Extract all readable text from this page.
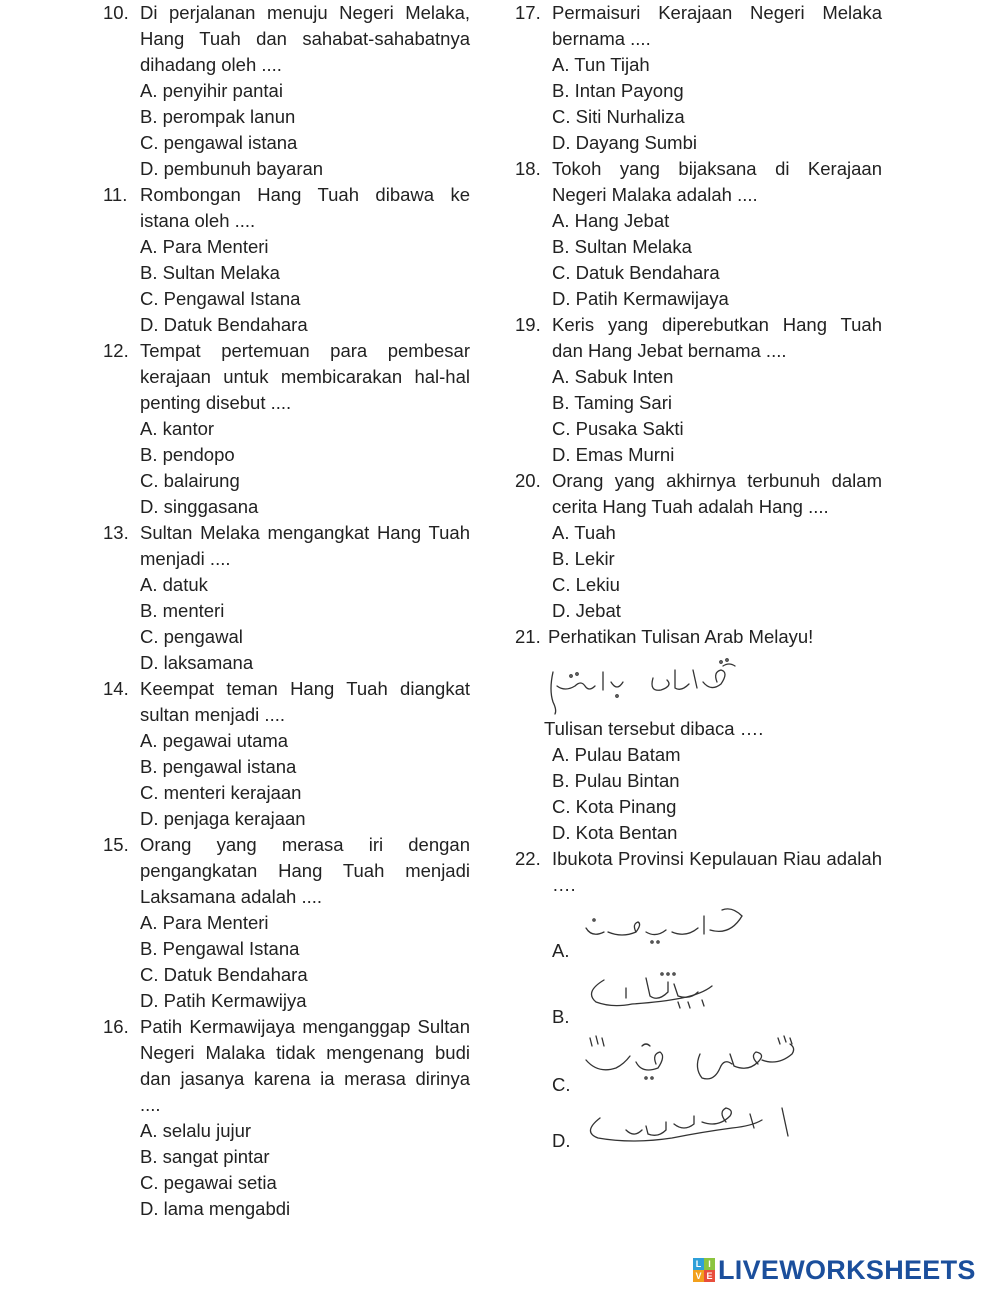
10. Di perjalanan menuju Negeri Melaka, Hang Tuah dan sahabat-sahabatnya dihadang oleh ....
A. penyihir pantai
B. perompak lanun
C. pengawal istana
D. pembunuh bayaran
11. Rombongan Hang Tuah dibawa ke istana oleh ....
A. Para Menteri
B. Sultan Melaka
C. Pengawal Istana
D. Datuk Bendahara
12. Tempat pertemuan para pembesar kerajaan untuk membicarakan hal-hal penting disebut ....
A. kantor
B. pendopo
C. balairung
D. singgasana
13. Sultan Melaka mengangkat Hang Tuah menjadi ....
A. datuk
B. menteri
C. pengawal
D. laksamana
14. Keempat teman Hang Tuah diangkat sultan menjadi ....
A. pegawai utama
B. pengawal istana
C. menteri kerajaan
D. penjaga kerajaan
15. Orang yang merasa iri dengan pengangkatan Hang Tuah menjadi Laksamana adalah ....
A. Para Menteri
B. Pengawal Istana
C. Datuk Bendahara
D. Patih Kermawijya
16. Patih Kermawijaya menganggap Sultan Negeri Malaka tidak mengenang budi dan jasanya karena ia merasa dirinya ....
A. selalu jujur
B. sangat pintar
C. pegawai setia
D. lama mengabdi
17. Permaisuri Kerajaan Negeri Melaka bernama ....
A. Tun Tijah
B. Intan Payong
C. Siti Nurhaliza
D. Dayang Sumbi
18. Tokoh yang bijaksana di Kerajaan Negeri Malaka adalah ....
A. Hang Jebat
B. Sultan Melaka
C. Datuk Bendahara
D. Patih Kermawijaya
19. Keris yang diperebutkan Hang Tuah dan Hang Jebat bernama ....
A. Sabuk Inten
B. Taming Sari
C. Pusaka Sakti
D. Emas Murni
20. Orang yang akhirnya terbunuh dalam cerita Hang Tuah adalah Hang ....
A. Tuah
B. Lekir
C. Lekiu
D. Jebat
21. Perhatikan Tulisan Arab Melayu!
Tulisan tersebut dibaca ….
A. Pulau Batam
B. Pulau Bintan
C. Kota Pinang
D. Kota Bentan
22. Ibukota Provinsi Kepulauan Riau adalah ….
A.
B.
C.
D.
L I
V E LIVEWORKSHEETS
